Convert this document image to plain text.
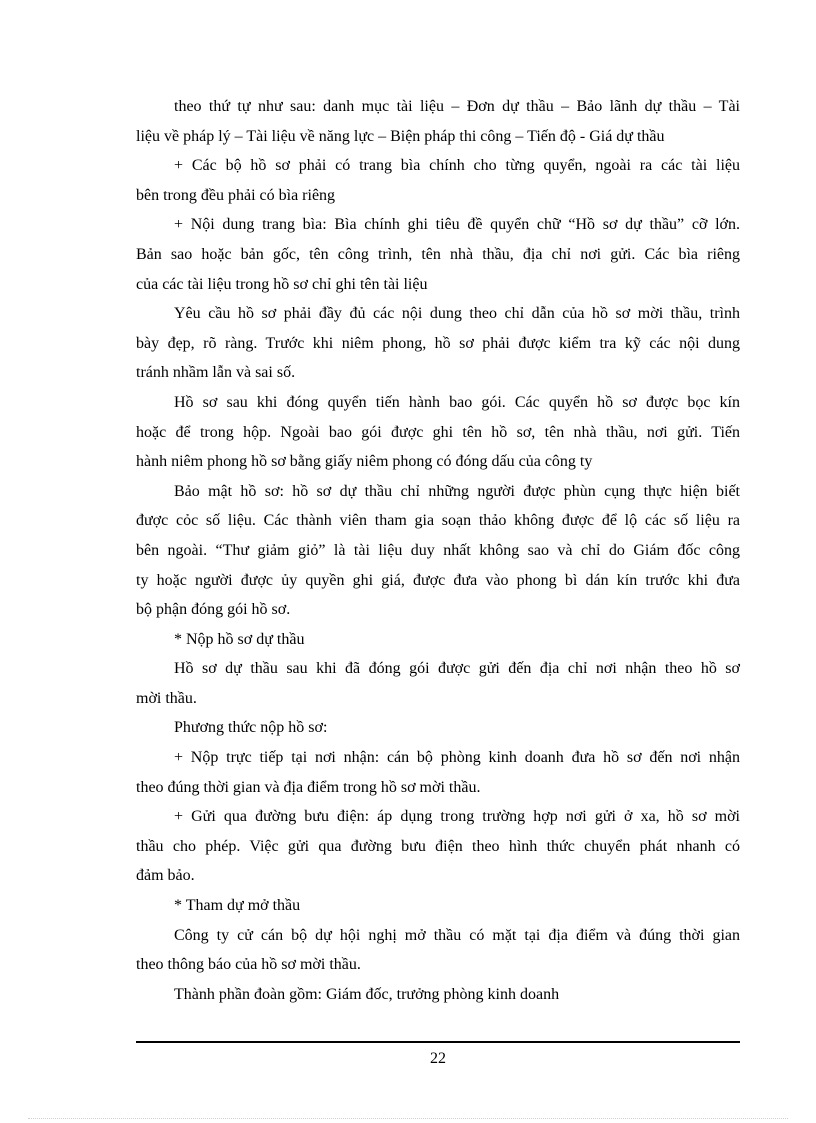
theo thứ tự như sau: danh mục tài liệu – Đơn dự thầu – Bảo lãnh dự thầu – Tài
liệu về pháp lý – Tài liệu về năng lực – Biện pháp thi công – Tiến độ - Giá dự thầu
+ Các bộ hồ sơ phải có trang bìa chính cho từng quyển, ngoài ra các tài liệu
bên trong đều phải có bìa riêng
+ Nội dung trang bìa: Bìa chính ghi tiêu đề quyển chữ “Hồ sơ dự thầu” cỡ lớn.
Bản sao hoặc bản gốc, tên công trình, tên nhà thầu, địa chỉ nơi gửi. Các bìa riêng
của các tài liệu trong hồ sơ chỉ ghi tên tài liệu
Yêu cầu hồ sơ phải đầy đủ các nội dung theo chỉ dẫn của hồ sơ mời thầu, trình
bày đẹp, rõ ràng. Trước khi niêm phong, hồ sơ phải được kiểm tra kỹ các nội dung
tránh nhầm lẫn và sai số.
Hồ sơ sau khi đóng quyển tiến hành bao gói. Các quyển hồ sơ được bọc kín
hoặc để trong hộp. Ngoài bao gói được ghi tên hồ sơ, tên nhà thầu, nơi gửi. Tiến
hành niêm phong hồ sơ bằng giấy niêm phong có đóng dấu của công ty
Bảo mật hồ sơ: hồ sơ dự thầu chỉ những người được phùn cụng thực hiện biết
được cỏc số liệu. Các thành viên tham gia soạn thảo không được để lộ các số liệu ra
bên ngoài. “Thư giảm giỏ” là tài liệu duy nhất không sao và chỉ do Giám đốc công
ty hoặc người được ủy quyền ghi giá, được đưa vào phong bì dán kín trước khi đưa
bộ phận đóng gói hồ sơ.
* Nộp hồ sơ dự thầu
Hồ sơ dự thầu sau khi đã đóng gói được gửi đến địa chỉ nơi nhận theo hồ sơ
mời thầu.
Phương thức nộp hồ sơ:
+ Nộp trực tiếp tại nơi nhận: cán bộ phòng kinh doanh đưa hồ sơ đến nơi nhận
theo đúng thời gian và địa điểm trong hồ sơ mời thầu.
+ Gửi qua đường bưu điện: áp dụng trong trường hợp nơi gửi ở xa, hồ sơ mời
thầu cho phép. Việc gửi qua đường bưu điện theo hình thức chuyển phát nhanh có
đảm bảo.
* Tham dự mở thầu
Công ty cử cán bộ dự hội nghị mở thầu có mặt tại địa điểm và đúng thời gian
theo thông báo của hồ sơ mời thầu.
Thành phần đoàn gồm: Giám đốc, trưởng phòng kinh doanh
22
